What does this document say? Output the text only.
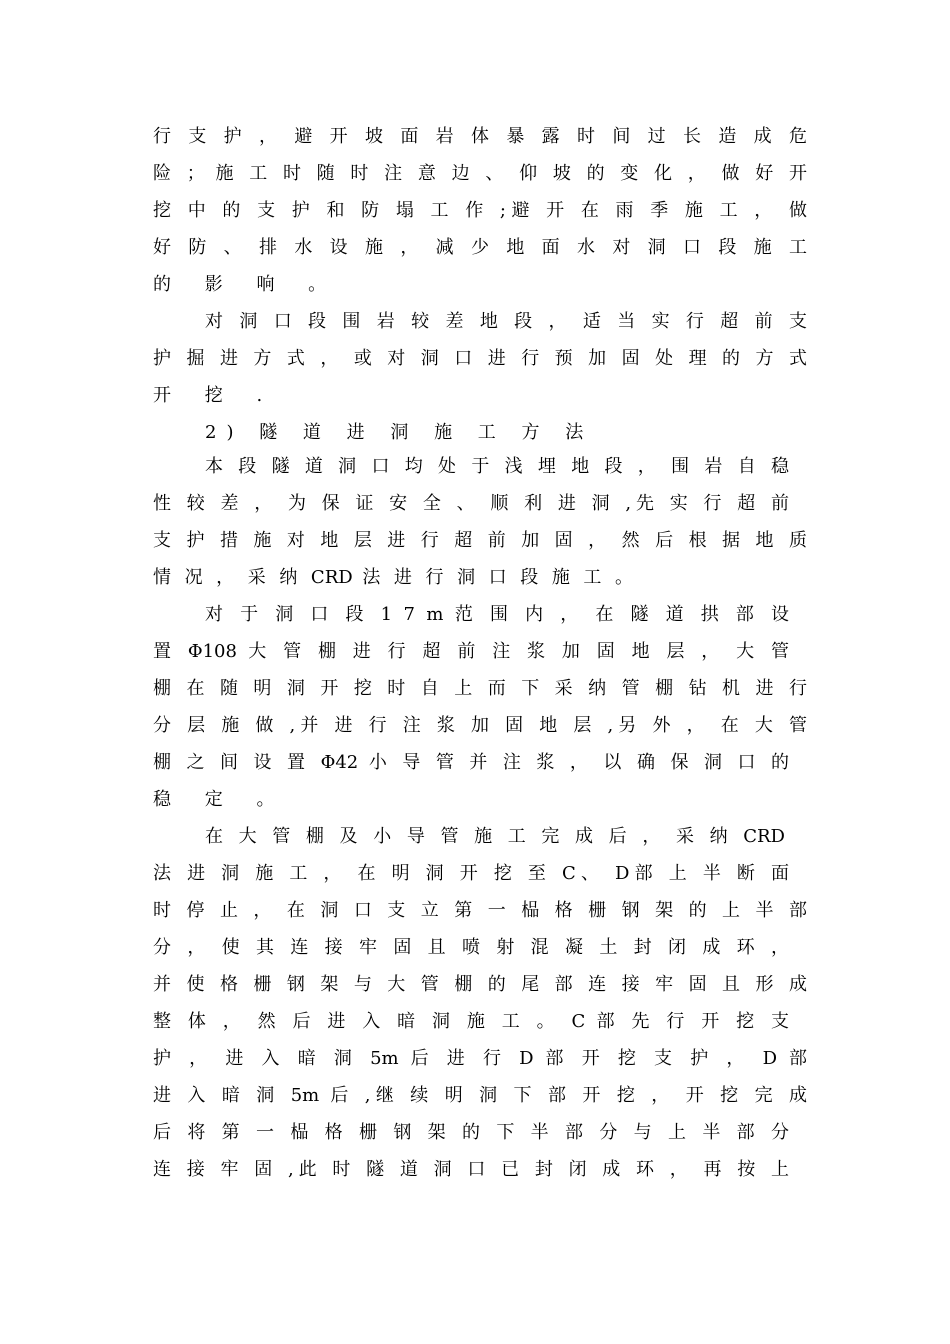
行 支 护 ， 避 开 坡 面 岩 体 暴 露 时 间 过 长 造 成 危
险 ； 施 工 时 随 时 注 意 边 、 仰 坡 的 变 化 ， 做 好 开
挖 中 的 支 护 和 防 塌 工 作 ;避 开 在 雨 季 施 工 ， 做
好 防 、 排 水 设 施 ， 减 少 地 面 水 对 洞 口 段 施 工
的 影 响 。
对 洞 口 段 围 岩 较 差 地 段 ， 适 当 实 行 超 前 支
护 掘 进 方 式 ， 或 对 洞 口 进 行 预 加 固 处 理 的 方 式
开 挖 .
2) 隧 道 进 洞 施 工 方 法
本 段 隧 道 洞 口 均 处 于 浅 埋 地 段 ， 围 岩 自 稳
性 较 差 ， 为 保 证 安 全 、 顺 利 进 洞 ,先 实 行 超 前
支 护 措 施 对 地 层 进 行 超 前 加 固 ， 然 后 根 据 地 质
情 况 ， 采 纳 CRD 法 进 行 洞 口 段 施 工 。
对 于 洞 口 段 1 7 m 范 围 内 ， 在 隧 道 拱 部 设
置 Φ108 大 管 棚 进 行 超 前 注 浆 加 固 地 层 ， 大 管
棚 在 随 明 洞 开 挖 时 自 上 而 下 采 纳 管 棚 钻 机 进 行
分 层 施 做 ,并 进 行 注 浆 加 固 地 层 ,另 外 ， 在 大 管
棚 之 间 设 置 Φ42 小 导 管 并 注 浆 ， 以 确 保 洞 口 的
稳 定 。
在 大 管 棚 及 小 导 管 施 工 完 成 后 ， 采 纳 CRD
法 进 洞 施 工 ， 在 明 洞 开 挖 至 C、 D部 上 半 断 面
时 停 止 ， 在 洞 口 支 立 第 一 榀 格 栅 钢 架 的 上 半 部
分 ， 使 其 连 接 牢 固 且 喷 射 混 凝 土 封 闭 成 环 ，
并 使 格 栅 钢 架 与 大 管 棚 的 尾 部 连 接 牢 固 且 形 成
整 体 ， 然 后 进 入 暗 洞 施 工 。 C 部 先 行 开 挖 支
护 ， 进 入 暗 洞 5m 后 进 行 D 部 开 挖 支 护 ， D 部
进 入 暗 洞 5m 后 ,继 续 明 洞 下 部 开 挖 ， 开 挖 完 成
后 将 第 一 榀 格 栅 钢 架 的 下 半 部 分 与 上 半 部 分
连 接 牢 固 ,此 时 隧 道 洞 口 已 封 闭 成 环 ， 再 按 上
